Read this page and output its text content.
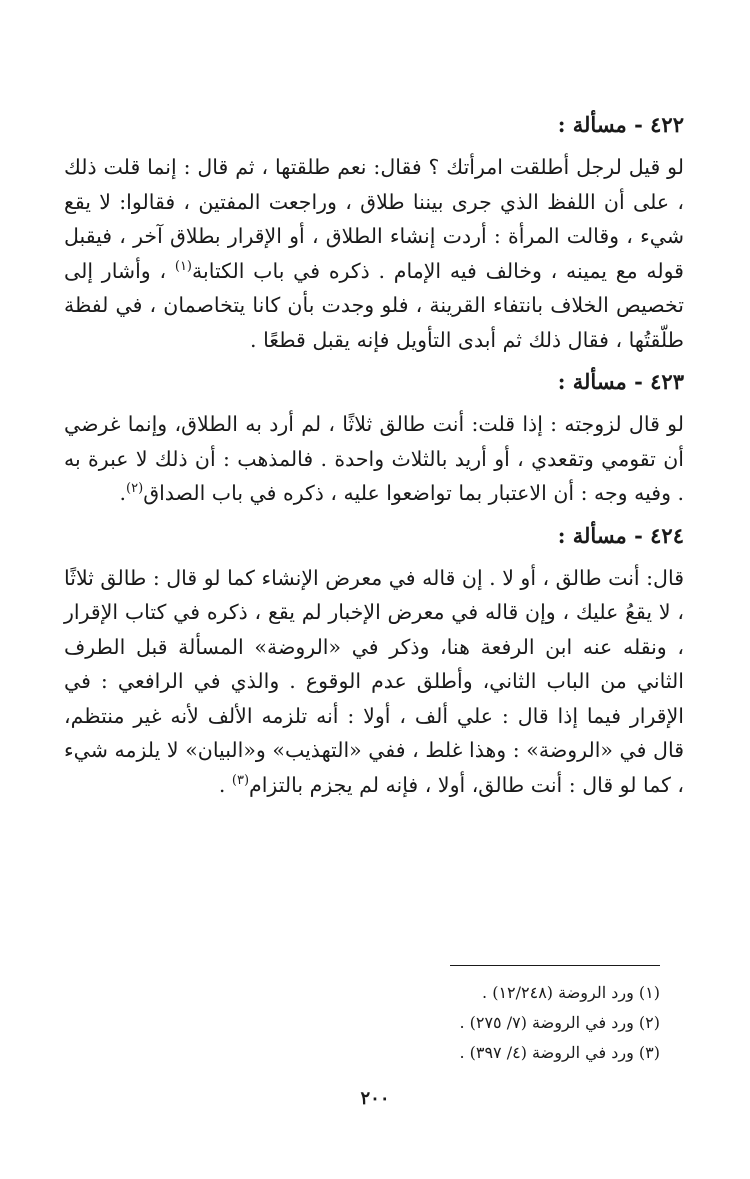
٤٢٢ - مسألة :

لو قيل لرجل أطلقت امرأتك ؟ فقال: نعم طلقتها ، ثم قال : إنما قلت ذلك ، على أن اللفظ الذي جرى بيننا طلاق ، وراجعت المفتين ، فقالوا: لا يقع شيء ، وقالت المرأة : أردت إنشاء الطلاق ، أو الإقرار بطلاق آخر ، فيقبل قوله مع يمينه ، وخالف فيه الإمام . ذكره في باب الكتابة$^{(١)}$ ، وأشار إلى تخصيص الخلاف بانتفاء القرينة ، فلو وجدت بأن كانا يتخاصمان ، في لفظة طلّقتُها ، فقال ذلك ثم أبدى التأويل فإنه يقبل قطعًا .

٤٢٣ - مسألة :

لو قال لزوجته : إذا قلت: أنت طالق ثلاثًا ، لم أرد به الطلاق، وإنما غرضي أن تقومي وتقعدي ، أو أريد بالثلاث واحدة . فالمذهب : أن ذلك لا عبرة به . وفيه وجه : أن الاعتبار بما تواضعوا عليه ، ذكره في باب الصداق$^{(٢)}$.

٤٢٤ - مسألة :

قال: أنت طالق ، أو لا . إن قاله في معرض الإنشاء كما لو قال : طالق ثلاثًا ، لا يقعُ عليك ، وإن قاله في معرض الإخبار لم يقع ، ذكره في كتاب الإقرار ، ونقله عنه ابن الرفعة هنا، وذكر في «الروضة» المسألة قبل الطرف الثاني من الباب الثاني، وأطلق عدم الوقوع . والذي في الرافعي : في الإقرار فيما إذا قال : علي ألف ، أولا : أنه تلزمه الألف لأنه غير منتظم، قال في «الروضة» : وهذا غلط ، ففي «التهذيب» و«البيان» لا يلزمه شيء ، كما لو قال : أنت طالق، أولا ، فإنه لم يجزم بالتزام$^{(٣)}$ .

(١) ورد الروضة (١٢/٢٤٨) .

(٢) ورد في الروضة (٧/ ٢٧٥) .

(٣) ورد في الروضة (٤/ ٣٩٧) .

٢٠٠
